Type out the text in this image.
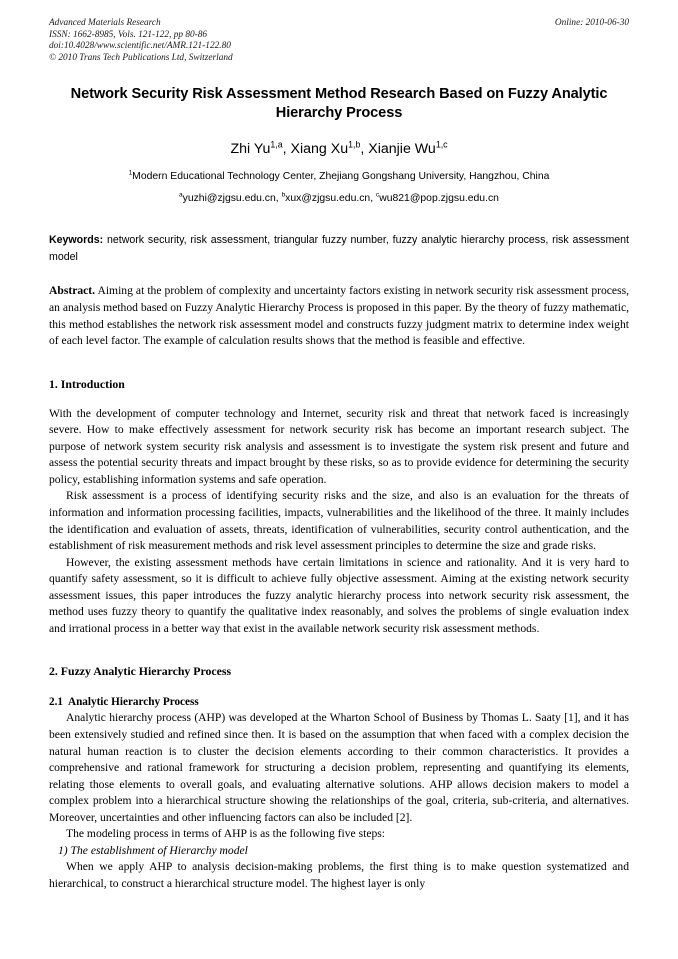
Advanced Materials Research
ISSN: 1662-8985, Vols. 121-122, pp 80-86
doi:10.4028/www.scientific.net/AMR.121-122.80
© 2010 Trans Tech Publications Ltd, Switzerland
Online: 2010-06-30
Network Security Risk Assessment Method Research Based on Fuzzy Analytic Hierarchy Process
Zhi Yu$^{1,a}$, Xiang Xu$^{1,b}$, Xianjie Wu$^{1,c}$
$^1$Modern Educational Technology Center, Zhejiang Gongshang University, Hangzhou, China
$^a$yuzhi@zjgsu.edu.cn, $^b$xux@zjgsu.edu.cn, $^c$wu821@pop.zjgsu.edu.cn
Keywords: network security, risk assessment, triangular fuzzy number, fuzzy analytic hierarchy process, risk assessment model
Abstract. Aiming at the problem of complexity and uncertainty factors existing in network security risk assessment process, an analysis method based on Fuzzy Analytic Hierarchy Process is proposed in this paper. By the theory of fuzzy mathematic, this method establishes the network risk assessment model and constructs fuzzy judgment matrix to determine index weight of each level factor. The example of calculation results shows that the method is feasible and effective.
1. Introduction

With the development of computer technology and Internet, security risk and threat that network faced is increasingly severe. How to make effectively assessment for network security risk has become an important research subject. The purpose of network system security risk analysis and assessment is to investigate the system risk present and future and assess the potential security threats and impact brought by these risks, so as to provide evidence for determining the security policy, establishing information systems and safe operation.

Risk assessment is a process of identifying security risks and the size, and also is an evaluation for the threats of information and information processing facilities, impacts, vulnerabilities and the likelihood of the three. It mainly includes the identification and evaluation of assets, threats, identification of vulnerabilities, security control authentication, and the establishment of risk measurement methods and risk level assessment principles to determine the size and grade risks.

However, the existing assessment methods have certain limitations in science and rationality. And it is very hard to quantify safety assessment, so it is difficult to achieve fully objective assessment. Aiming at the existing network security assessment issues, this paper introduces the fuzzy analytic hierarchy process into network security risk assessment, the method uses fuzzy theory to quantify the qualitative index reasonably, and solves the problems of single evaluation index and irrational process in a better way that exist in the available network security risk assessment methods.

2. Fuzzy Analytic Hierarchy Process
2.1 Analytic Hierarchy Process

Analytic hierarchy process (AHP) was developed at the Wharton School of Business by Thomas L. Saaty [1], and it has been extensively studied and refined since then. It is based on the assumption that when faced with a complex decision the natural human reaction is to cluster the decision elements according to their common characteristics. It provides a comprehensive and rational framework for structuring a decision problem, representing and quantifying its elements, relating those elements to overall goals, and evaluating alternative solutions. AHP allows decision makers to model a complex problem into a hierarchical structure showing the relationships of the goal, criteria, sub-criteria, and alternatives. Moreover, uncertainties and other influencing factors can also be included [2].

The modeling process in terms of AHP is as the following five steps:

1) The establishment of Hierarchy model

When we apply AHP to analysis decision-making problems, the first thing is to make question systematized and hierarchical, to construct a hierarchical structure model. The highest layer is only
